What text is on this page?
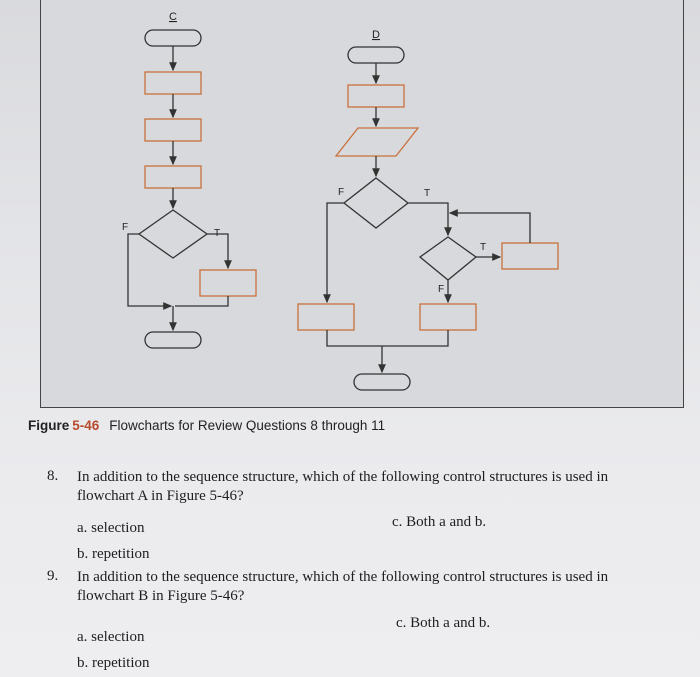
C
F
T
D
F	T
T
F
Figure 5-46 Flowcharts for Review Questions 8 through 11
8. In addition to the sequence structure, which of the following control structures is used in flowchart A in Figure 5-46?
a. selection	c. Both a and b.
b. repetition
9. In addition to the sequence structure, which of the following control structures is used in flowchart B in Figure 5-46?
a. selection
c. Both a and b.
b. repetition
